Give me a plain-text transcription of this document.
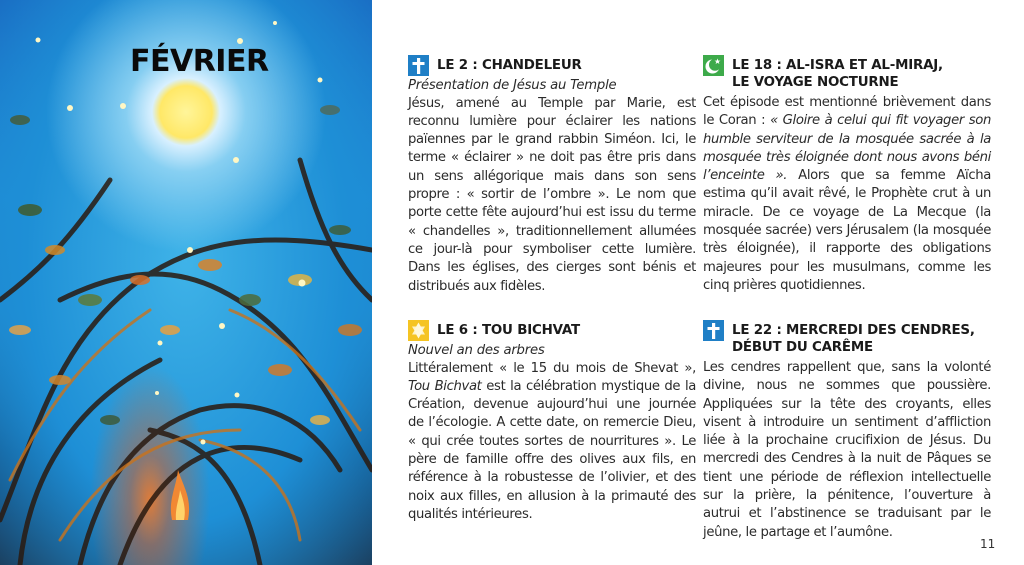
FÉVRIER	LE 2 : CHANDELEUR
Présentation de Jésus au Temple
Jésus, amené au Temple par Marie, est reconnu lumière pour éclairer les nations païennes par le grand rabbin Siméon. Ici, le terme « éclairer » ne doit pas être pris dans un sens allégorique mais dans son sens propre : « sortir de l’ombre ». Le nom que porte cette fête aujourd’hui est issu du terme « chandelles », traditionnellement allumées ce jour-là pour symboliser cette lumière. Dans les églises, des cierges sont bénis et distribués aux fidèles.
LE 6 : TOU BICHVAT
Nouvel an des arbres
Littéralement « le 15 du mois de Shevat », Tou Bichvat est la célébration mystique de la Création, devenue aujourd’hui une journée de l’écologie. A cette date, on remercie Dieu, « qui crée toutes sortes de nourritures ». Le père de famille offre des olives aux fils, en référence à la robustesse de l’olivier, et des noix aux filles, en allusion à la primauté des qualités intérieures.
LE 18 : AL-ISRA ET AL-MIRAJ,
LE VOYAGE NOCTURNE
Cet épisode est mentionné brièvement dans le Coran : « Gloire à celui qui fit voyager son humble serviteur de la mosquée sacrée à la mosquée très éloignée dont nous avons béni l’enceinte ». Alors que sa femme Aïcha estima qu’il avait rêvé, le Prophète crut à un miracle. De ce voyage de La Mecque (la mosquée sacrée) vers Jérusalem (la mosquée très éloignée), il rapporte des obligations majeures pour les musulmans, comme les cinq prières quotidiennes.
LE 22 : MERCREDI DES CENDRES,
DÉBUT DU CARÊME
Les cendres rappellent que, sans la volonté divine, nous ne sommes que poussière. Appliquées sur la tête des croyants, elles visent à introduire un sentiment d’affliction liée à la prochaine crucifixion de Jésus. Du mercredi des Cendres à la nuit de Pâques se tient une période de réflexion intellectuelle sur la prière, la pénitence, l’ouverture à autrui et l’abstinence se traduisant par le jeûne, le partage et l’aumône.
11
